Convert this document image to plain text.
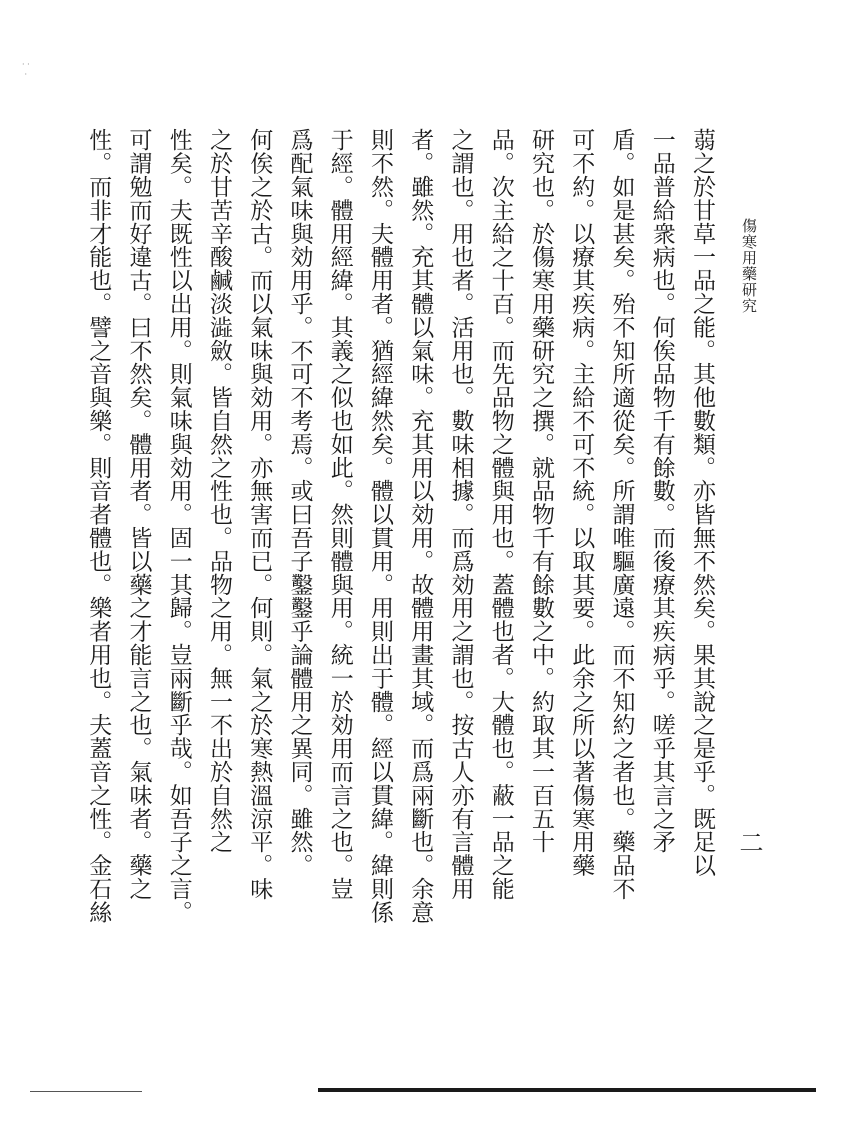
· ·
·
傷寒用藥研究
蒻之於甘草一品之能。其他數類。亦皆無不然矣。果其說之是乎。既足以
一品普給衆病也。何俟品物千有餘數。而後療其疾病乎。嗟乎其言之矛
盾。如是甚矣。殆不知所適從矣。所謂唯驅廣遠。而不知約之者也。藥品不
可不約。以療其疾病。主給不可不統。以取其要。此余之所以著傷寒用藥
研究也。於傷寒用藥研究之撰。就品物千有餘數之中。約取其一百五十
品。次主給之十百。而先品物之體與用也。蓋體也者。大體也。蔽一品之能
之謂也。用也者。活用也。數味相據。而爲効用之謂也。按古人亦有言體用
者。雖然。充其體以氣味。充其用以効用。故體用畫其域。而爲兩斷也。余意
則不然。夫體用者。猶經緯然矣。體以貫用。用則出于體。經以貫緯。緯則係
于經。體用經緯。其義之似也如此。然則體與用。統一於効用而言之也。豈
爲配氣味與効用乎。不可不考焉。或曰吾子鑿鑿乎論體用之異同。雖然。
何俟之於古。而以氣味與効用。亦無害而已。何則。氣之於寒熱溫涼平。味
之於甘苦辛酸鹹淡澁斂。皆自然之性也。品物之用。無一不出於自然之
性矣。夫既性以出用。則氣味與効用。固一其歸。豈兩斷乎哉。如吾子之言。
可謂勉而好違古。曰不然矣。體用者。皆以藥之才能言之也。氣味者。藥之
性。而非才能也。譬之音與樂。則音者體也。樂者用也。夫蓋音之性。金石絲	二
